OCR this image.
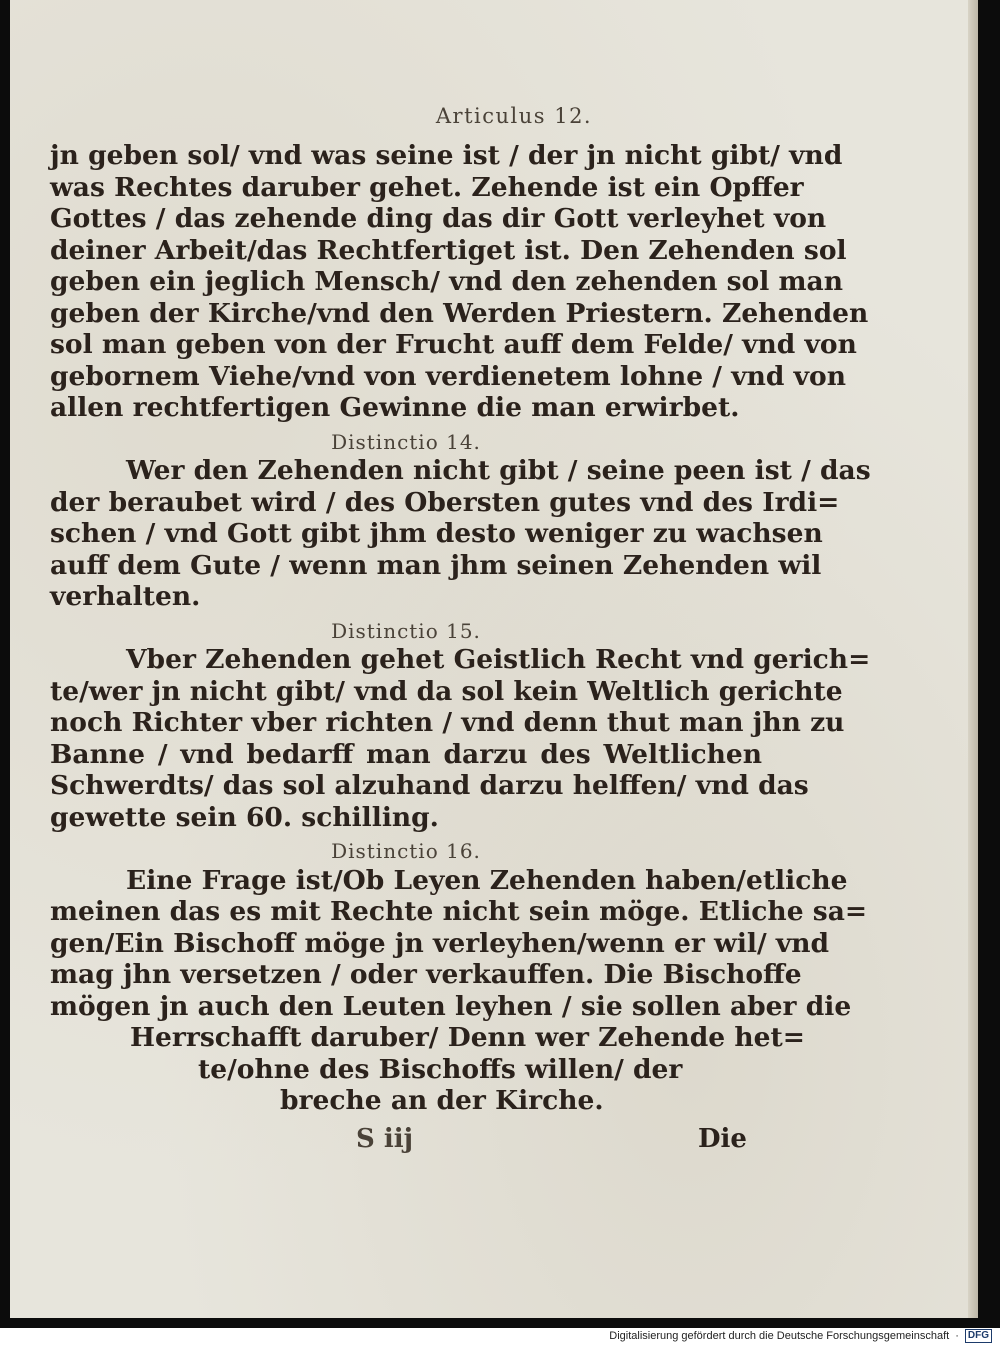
Articulus 12.
jn geben sol/ vnd was seine ist / der jn nicht gibt/ vnd
was Rechtes daruber gehet. Zehende ist ein Opffer
Gottes / das zehende ding das dir Gott verleyhet von
deiner Arbeit/das Rechtfertiget ist. Den Zehenden sol
geben ein jeglich Mensch/ vnd den zehenden sol man
geben der Kirche/vnd den Werden Priestern. Zehenden
sol man geben von der Frucht auff dem Felde/ vnd von
gebornem Viehe/vnd von verdienetem lohne / vnd von
allen rechtfertigen Gewinne die man erwirbet.
Distinctio 14.
Wer den Zehenden nicht gibt / seine peen ist / das
der beraubet wird / des Obersten gutes vnd des Irdi=
schen / vnd Gott gibt jhm desto weniger zu wachsen
auff dem Gute / wenn man jhm seinen Zehenden wil
verhalten.
Distinctio 15.
Vber Zehenden gehet Geistlich Recht vnd gerich=
te/wer jn nicht gibt/ vnd da sol kein Weltlich gerichte
noch Richter vber richten / vnd denn thut man jhn zu
Banne / vnd bedarff man darzu des Weltlichen
Schwerdts/ das sol alzuhand darzu helffen/ vnd das
gewette sein 60. schilling.
Distinctio 16.
Eine Frage ist/Ob Leyen Zehenden haben/etliche
meinen das es mit Rechte nicht sein möge. Etliche sa=
gen/Ein Bischoff möge jn verleyhen/wenn er wil/ vnd
mag jhn versetzen / oder verkauffen. Die Bischoffe
mögen jn auch den Leuten leyhen / sie sollen aber die
Herrschafft daruber/ Denn wer Zehende het=
te/ohne des Bischoffs willen/ der
breche an der Kirche.
S iij	Die
Digitalisierung gefördert durch die Deutsche Forschungsgemeinschaft · DFG
